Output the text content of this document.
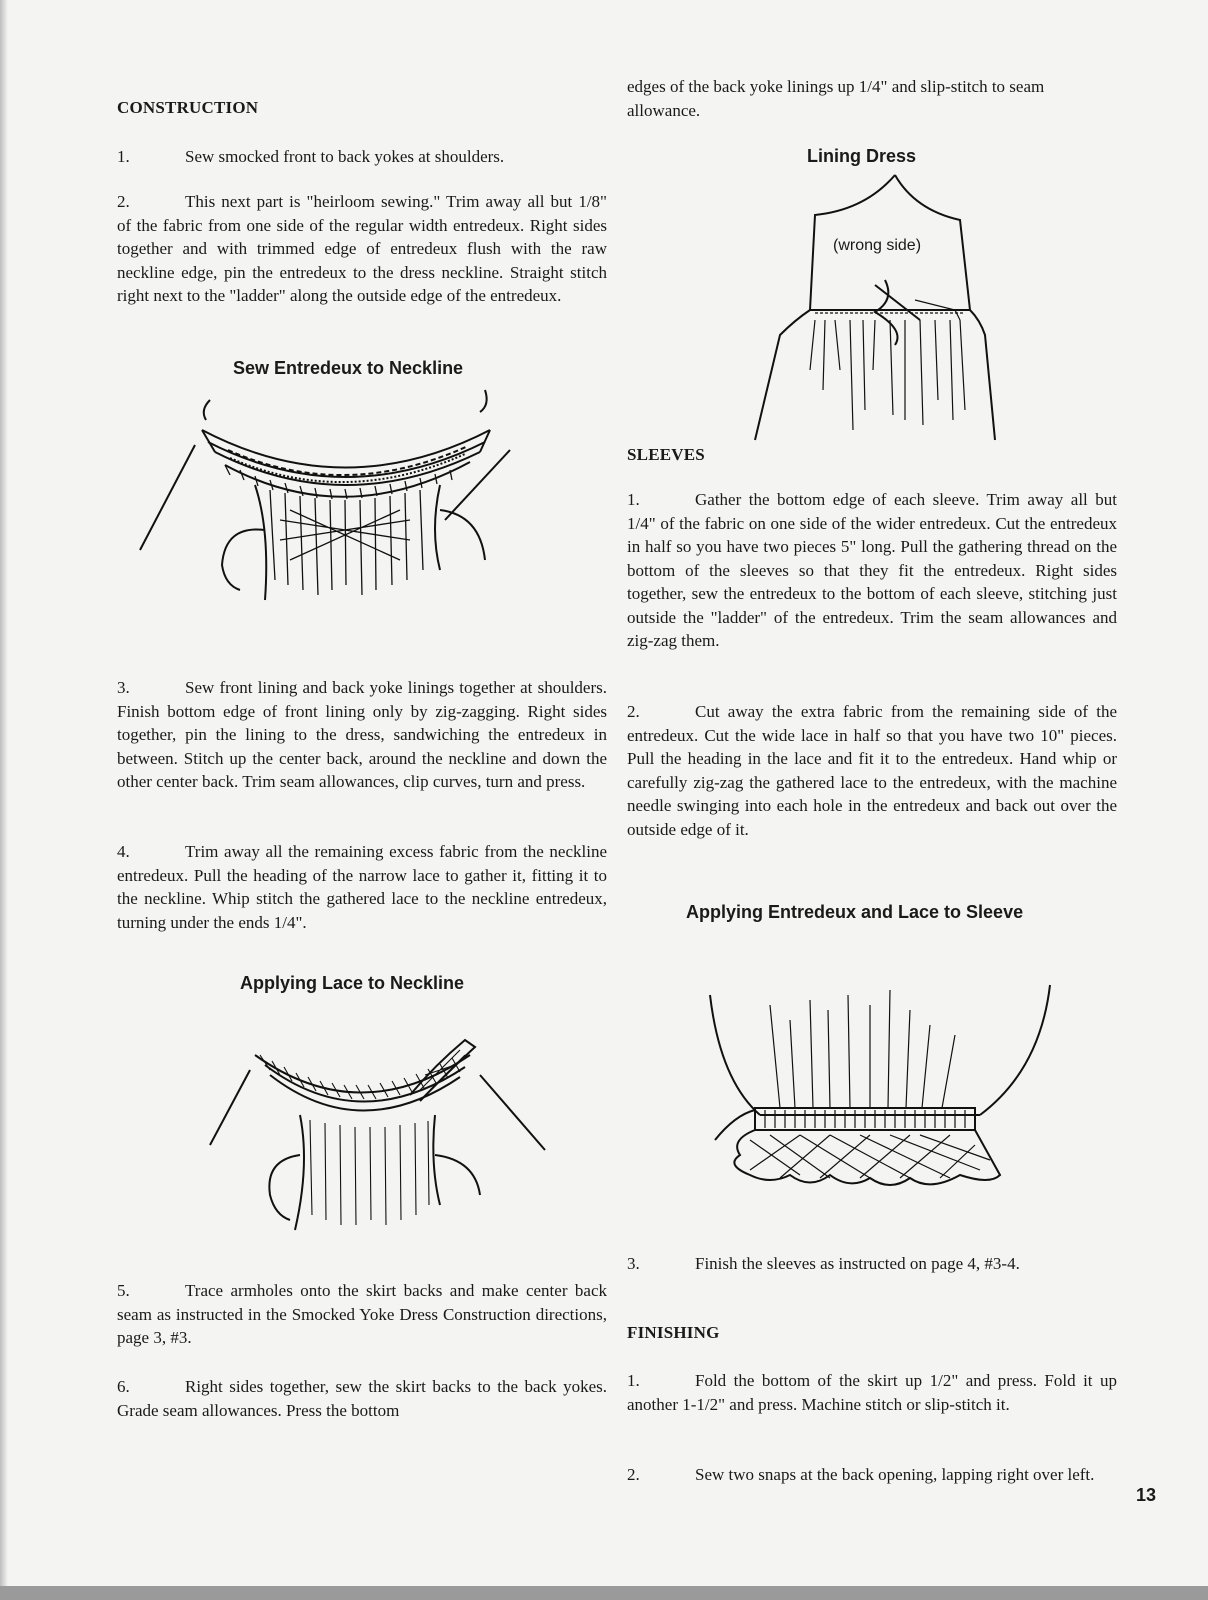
CONSTRUCTION

1.	Sew smocked front to back yokes at shoulders.

2.	This next part is "heirloom sewing." Trim away all but 1/8" of the fabric from one side of the regular width entredeux. Right sides together and with trimmed edge of entredeux flush with the raw neckline edge, pin the entredeux to the dress neckline. Straight stitch right next to the "ladder" along the outside edge of the entredeux.

Sew Entredeux to Neckline

3.	Sew front lining and back yoke linings together at shoulders. Finish bottom edge of front lining only by zig-zagging. Right sides together, pin the lining to the dress, sandwiching the entredeux in between. Stitch up the center back, around the neckline and down the other center back. Trim seam allowances, clip curves, turn and press.

4.	Trim away all the remaining excess fabric from the neckline entredeux. Pull the heading of the narrow lace to gather it, fitting it to the neckline. Whip stitch the gathered lace to the neckline entredeux, turning under the ends 1/4".

Applying Lace to Neckline

5.	Trace armholes onto the skirt backs and make center back seam as instructed in the Smocked Yoke Dress Construction directions, page 3, #3.

6.	Right sides together, sew the skirt backs to the back yokes. Grade seam allowances. Press the bottom

edges of the back yoke linings up 1/4" and slip-stitch to seam allowance.
Lining Dress
(wrong side)
SLEEVES

1.	Gather the bottom edge of each sleeve. Trim away all but 1/4" of the fabric on one side of the wider entredeux. Cut the entredeux in half so you have two pieces 5" long. Pull the gathering thread on the bottom of the sleeves so that they fit the entredeux. Right sides together, sew the entredeux to the bottom of each sleeve, stitching just outside the "ladder" of the entredeux. Trim the seam allowances and zig-zag them.

2.	Cut away the extra fabric from the remaining side of the entredeux. Cut the wide lace in half so that you have two 10" pieces. Pull the heading in the lace and fit it to the entredeux. Hand whip or carefully zig-zag the gathered lace to the entredeux, with the machine needle swinging into each hole in the entredeux and back out over the outside edge of it.

Applying Entredeux and Lace to Sleeve

3.	Finish the sleeves as instructed on page 4, #3-4.

FINISHING

1.	Fold the bottom of the skirt up 1/2" and press. Fold it up another 1-1/2" and press. Machine stitch or slip-stitch it.

2.	Sew two snaps at the back opening, lapping right over left.

13
